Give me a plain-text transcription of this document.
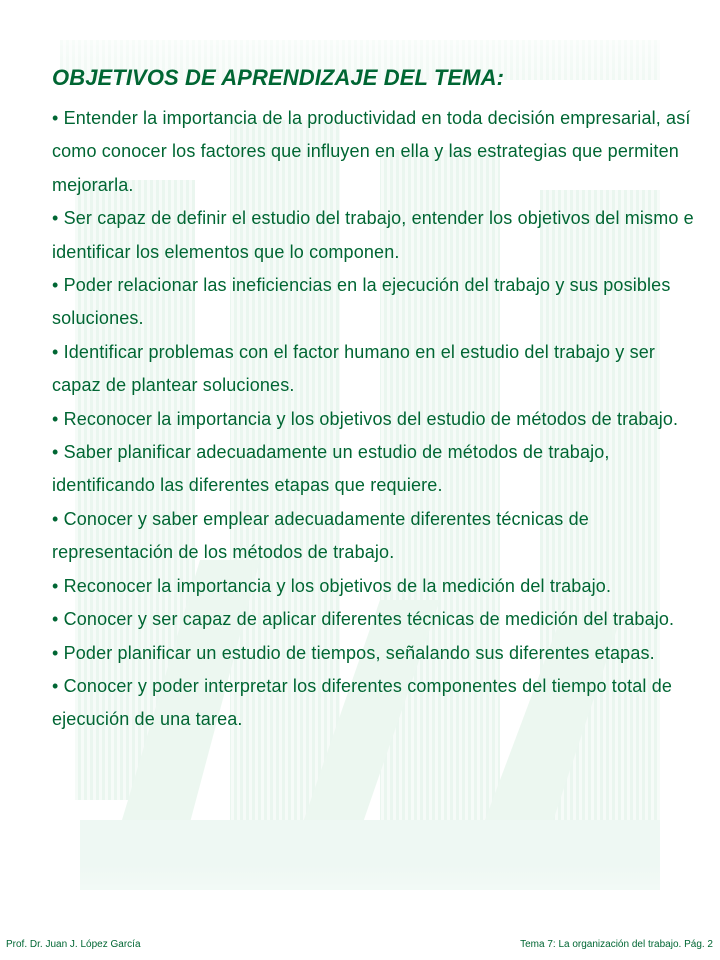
OBJETIVOS DE APRENDIZAJE DEL TEMA:
• Entender la importancia de la productividad en toda decisión empresarial, así como conocer los factores que influyen en ella y las estrategias que permiten mejorarla.
• Ser capaz de definir el estudio del trabajo, entender los objetivos del mismo e identificar los elementos que lo componen.
• Poder relacionar las ineficiencias en la ejecución del trabajo y sus posibles soluciones.
• Identificar problemas con el factor humano en el estudio del trabajo y ser capaz de plantear soluciones.
• Reconocer la importancia y los objetivos del estudio de métodos de trabajo.
• Saber planificar adecuadamente un estudio de métodos de trabajo, identificando las diferentes etapas que requiere.
• Conocer y saber emplear adecuadamente diferentes técnicas de representación de los métodos de trabajo.
• Reconocer la importancia y los objetivos de la medición del trabajo.
• Conocer y ser capaz de aplicar diferentes técnicas de medición del trabajo.
• Poder planificar un estudio de tiempos, señalando sus diferentes etapas.
• Conocer y poder interpretar los diferentes componentes del tiempo total de ejecución de una tarea.
Prof. Dr. Juan J. López García	Tema 7: La organización del trabajo. Pág. 2
